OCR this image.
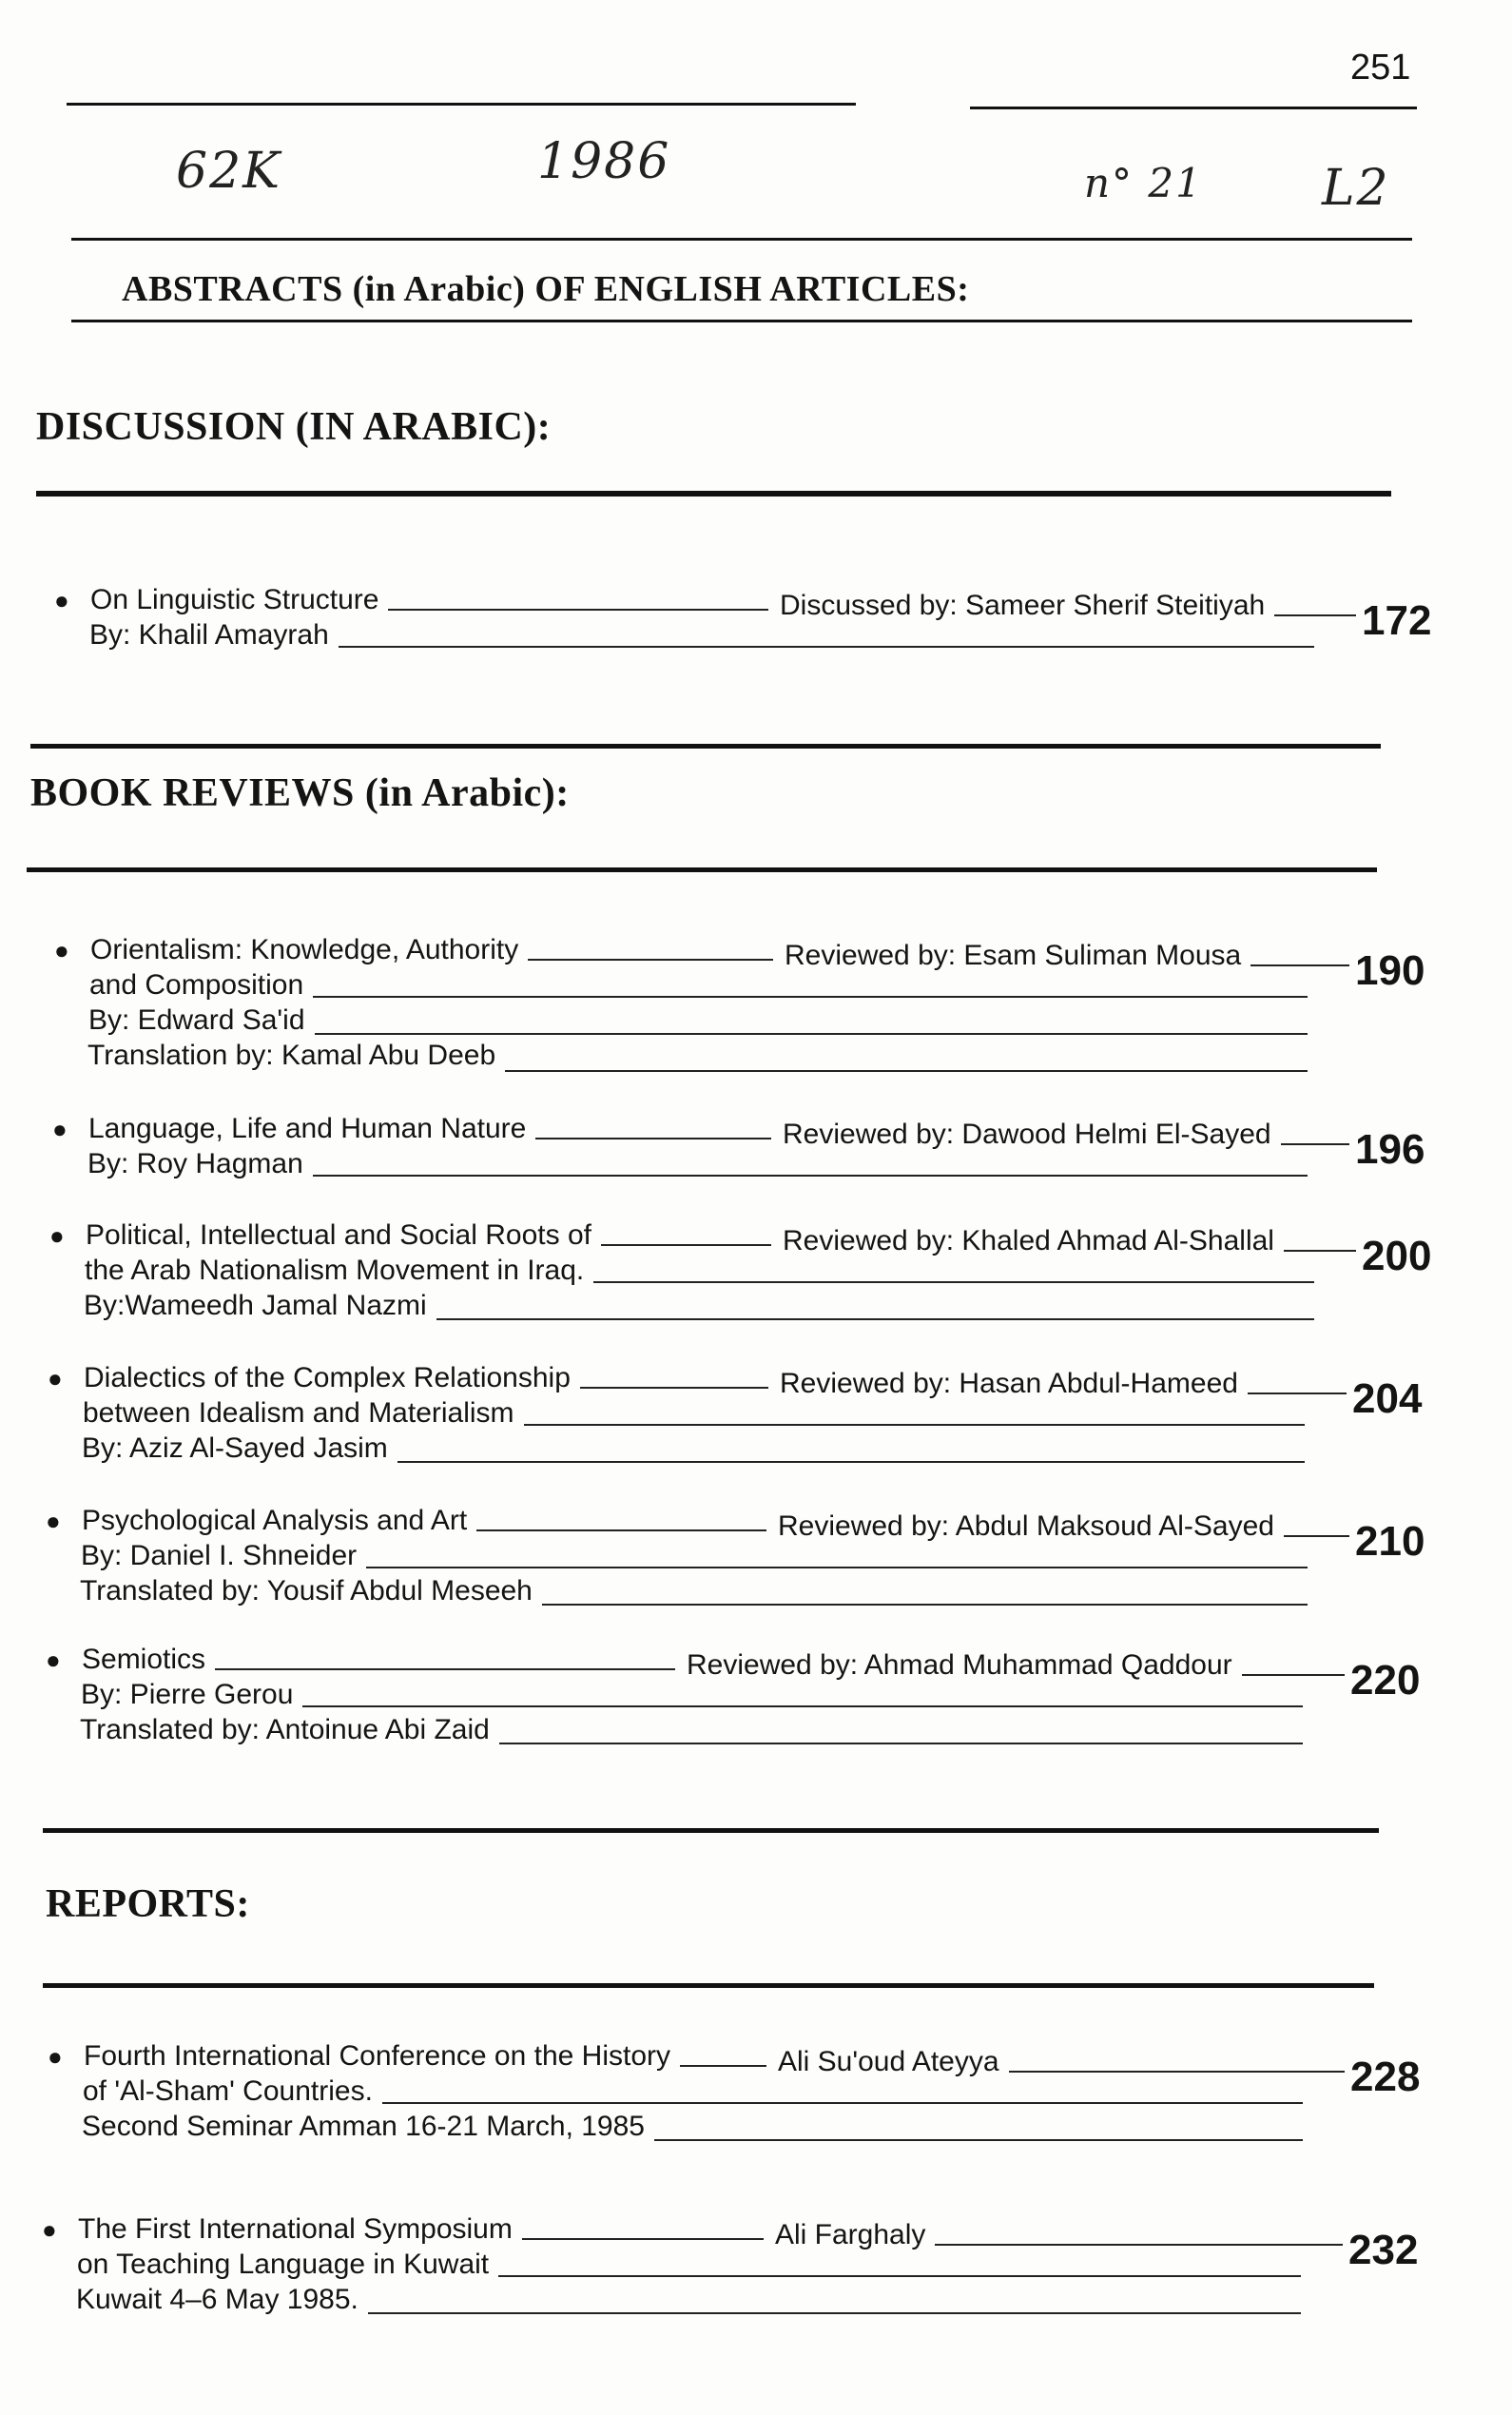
251
62K	1986	n° 21 L2
ABSTRACTS (in Arabic) OF ENGLISH ARTICLES:
DISCUSSION (IN ARABIC):
● On Linguistic Structure
By: Khalil Amayrah
Discussed by: Sameer Sherif Steitiyah 172
BOOK REVIEWS (in Arabic):
● Orientalism: Knowledge, Authority
and Composition
By: Edward Sa'id
Translation by: Kamal Abu Deeb
Reviewed by: Esam Suliman Mousa	190
● Language, Life and Human Nature
By: Roy Hagman
Reviewed by: Dawood Helmi El-Sayed 196
● Political, Intellectual and Social Roots of
the Arab Nationalism Movement in Iraq.
By:Wameedh Jamal Nazmi
Reviewed by: Khaled Ahmad Al-Shallal 200
● Dialectics of the Complex Relationship
between Idealism and Materialism
By: Aziz Al-Sayed Jasim
Reviewed by: Hasan Abdul-Hameed	204
● Psychological Analysis and Art
By: Daniel I. Shneider
Translated by: Yousif Abdul Meseeh
Reviewed by: Abdul Maksoud Al-Sayed 210
● Semiotics
By: Pierre Gerou
Translated by: Antoinue Abi Zaid
Reviewed by: Ahmad Muhammad Qaddour	220
REPORTS:
● Fourth International Conference on the History
of 'Al-Sham' Countries.
Second Seminar Amman 16-21 March, 1985
Ali Su'oud Ateyya	228
● The First International Symposium
on Teaching Language in Kuwait
Kuwait 4–6 May 1985.
Ali Farghaly	232
